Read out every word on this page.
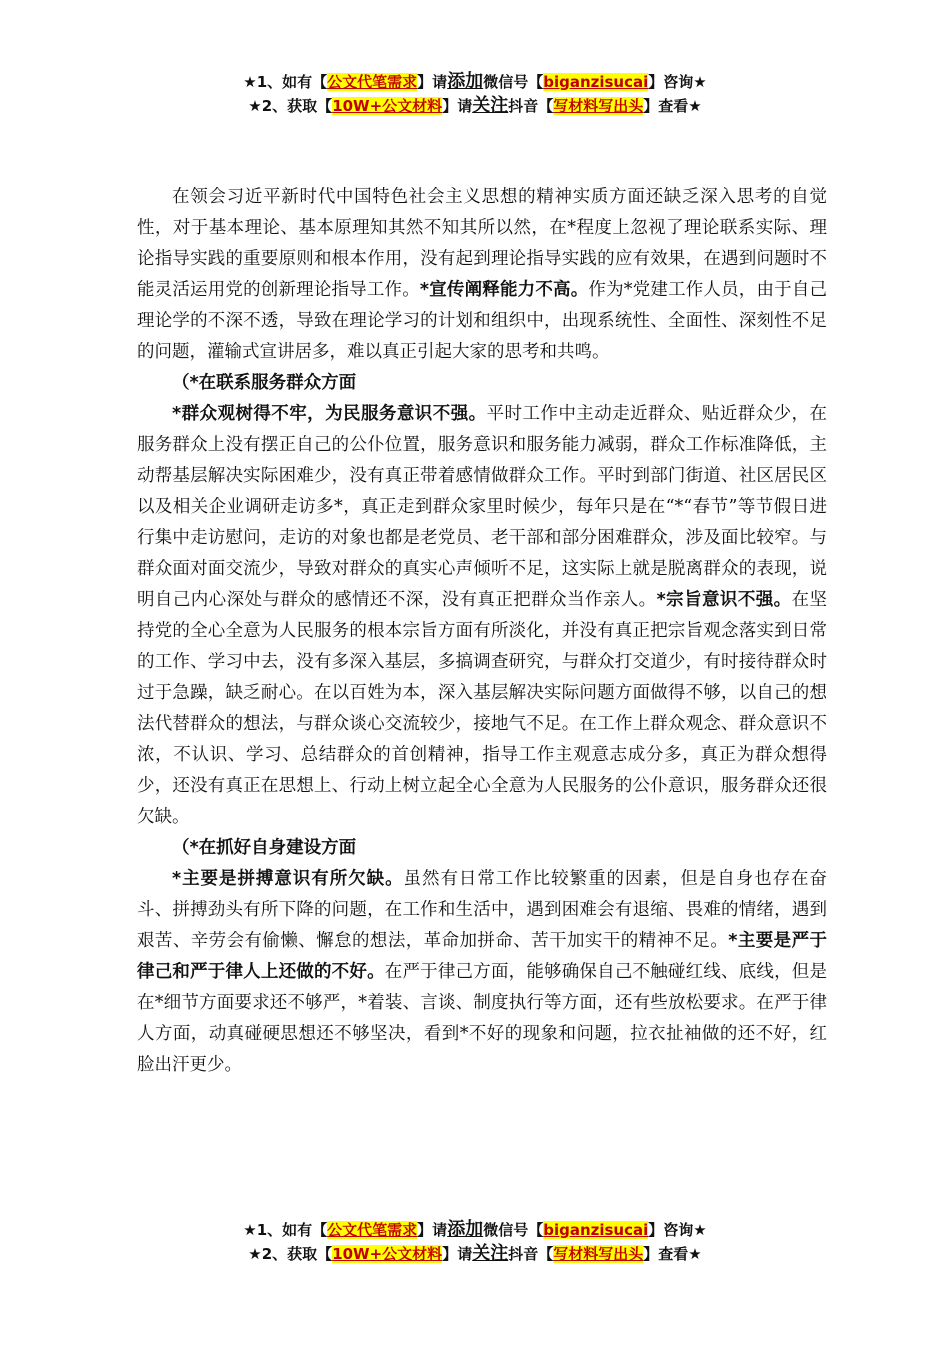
★1、如有【公文代笔需求】请添加微信号【biganzisucai】咨询★
★2、获取【10W+公文材料】请关注抖音【写材料写出头】查看★

在领会习近平新时代中国特色社会主义思想的精神实质方面还缺乏深入思考的自觉性，对于基本理论、基本原理知其然不知其所以然，在*程度上忽视了理论联系实际、理论指导实践的重要原则和根本作用，没有起到理论指导实践的应有效果，在遇到问题时不能灵活运用党的创新理论指导工作。*宣传阐释能力不高。作为*党建工作人员，由于自己理论学的不深不透，导致在理论学习的计划和组织中，出现系统性、全面性、深刻性不足的问题，灌输式宣讲居多，难以真正引起大家的思考和共鸣。

（*在联系服务群众方面

*群众观树得不牢，为民服务意识不强。平时工作中主动走近群众、贴近群众少，在服务群众上没有摆正自己的公仆位置，服务意识和服务能力减弱，群众工作标准降低，主动帮基层解决实际困难少，没有真正带着感情做群众工作。平时到部门街道、社区居民区以及相关企业调研走访多*，真正走到群众家里时候少，每年只是在“*“春节”等节假日进行集中走访慰问，走访的对象也都是老党员、老干部和部分困难群众，涉及面比较窄。与群众面对面交流少，导致对群众的真实心声倾听不足，这实际上就是脱离群众的表现，说明自己内心深处与群众的感情还不深，没有真正把群众当作亲人。*宗旨意识不强。在坚持党的全心全意为人民服务的根本宗旨方面有所淡化，并没有真正把宗旨观念落实到日常的工作、学习中去，没有多深入基层，多搞调查研究，与群众打交道少，有时接待群众时过于急躁，缺乏耐心。在以百姓为本，深入基层解决实际问题方面做得不够，以自己的想法代替群众的想法，与群众谈心交流较少，接地气不足。在工作上群众观念、群众意识不浓，不认识、学习、总结群众的首创精神，指导工作主观意志成分多，真正为群众想得少，还没有真正在思想上、行动上树立起全心全意为人民服务的公仆意识，服务群众还很欠缺。

（*在抓好自身建设方面

*主要是拼搏意识有所欠缺。虽然有日常工作比较繁重的因素，但是自身也存在奋斗、拼搏劲头有所下降的问题，在工作和生活中，遇到困难会有退缩、畏难的情绪，遇到艰苦、辛劳会有偷懒、懈怠的想法，革命加拼命、苦干加实干的精神不足。*主要是严于律己和严于律人上还做的不好。在严于律己方面，能够确保自己不触碰红线、底线，但是在*细节方面要求还不够严，*着装、言谈、制度执行等方面，还有些放松要求。在严于律人方面，动真碰硬思想还不够坚决，看到*不好的现象和问题，拉衣扯袖做的还不好，红脸出汗更少。

★1、如有【公文代笔需求】请添加微信号【biganzisucai】咨询★
★2、获取【10W+公文材料】请关注抖音【写材料写出头】查看★
